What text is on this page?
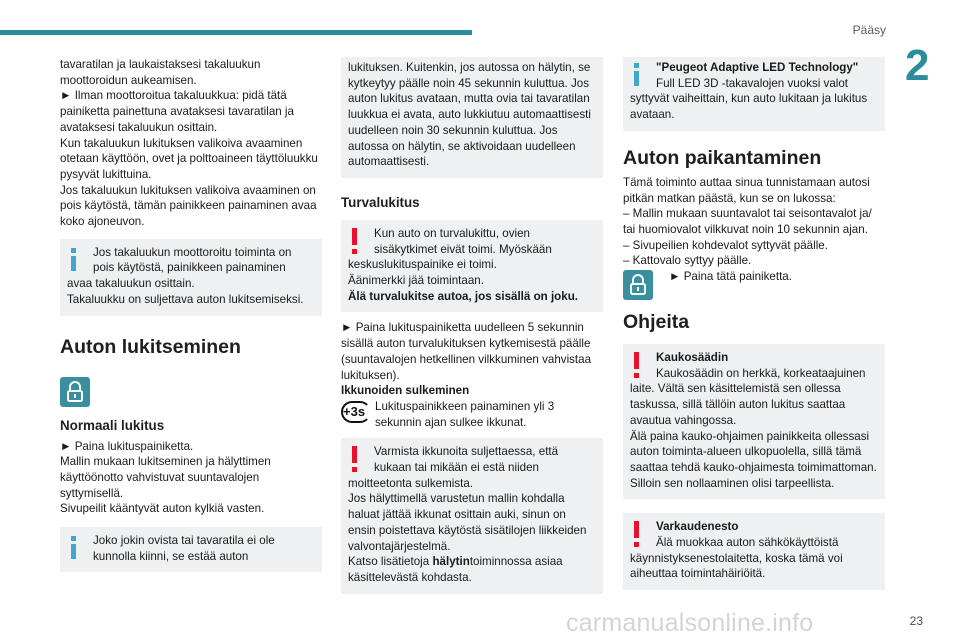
Pääsy
2
23
carmanualsonline.info

tavaratilan ja laukaistaksesi takaluukun moottoroidun aukeamisen.

► Ilman moottoroitua takaluukkua: pidä tätä painiketta painettuna avataksesi tavaratilan ja avataksesi takaluukun osittain.

Kun takaluukun lukituksen valikoiva avaaminen otetaan käyttöön, ovet ja polttoaineen täyttöluukku pysyvät lukittuina.

Jos takaluukun lukituksen valikoiva avaaminen on pois käytöstä, tämän painikkeen painaminen avaa koko ajoneuvon.

Jos takaluukun moottoroitu toiminta on pois käytöstä, painikkeen painaminen avaa takaluukun osittain.

Takaluukku on suljettava auton lukitsemiseksi.

Auton lukitseminen
Normaali lukitus

► Paina lukituspainiketta.

Mallin mukaan lukitseminen ja hälyttimen käyttöönotto vahvistuvat suuntavalojen syttymisellä.

Sivupeilit kääntyvät auton kylkiä vasten.

Joko jokin ovista tai tavaratila ei ole kunnolla kiinni, se estää auton

lukituksen. Kuitenkin, jos autossa on hälytin, se kytkeytyy päälle noin 45 sekunnin kuluttua. Jos auton lukitus avataan, mutta ovia tai tavaratilan luukkua ei avata, auto lukkiutuu automaattisesti uudelleen noin 30 sekunnin kuluttua. Jos autossa on hälytin, se aktivoidaan uudelleen automaattisesti.

Turvalukitus

Kun auto on turvalukittu, ovien sisäkytkimet eivät toimi. Myöskään keskuslukituspainike ei toimi.

Äänimerkki jää toimintaan.

Älä turvalukitse autoa, jos sisällä on joku.

► Paina lukituspainiketta uudelleen 5 sekunnin sisällä auton turvalukituksen kytkemisestä päälle (suuntavalojen hetkellinen vilkkuminen vahvistaa lukituksen).

Ikkunoiden sulkeminen

+3s Lukituspainikkeen painaminen yli 3 sekunnin ajan sulkee ikkunat.

Varmista ikkunoita suljettaessa, että kukaan tai mikään ei estä niiden moitteetonta sulkemista.

Jos hälyttimellä varustetun mallin kohdalla haluat jättää ikkunat osittain auki, sinun on ensin poistettava käytöstä sisätilojen liikkeiden valvontajärjestelmä.

Katso lisätietoja hälytintoiminnossa asiaa käsittelevästä kohdasta.

"Peugeot Adaptive LED Technology"

Full LED 3D -takavalojen vuoksi valot syttyvät vaiheittain, kun auto lukitaan ja lukitus avataan.

Auton paikantaminen

Tämä toiminto auttaa sinua tunnistamaan autosi pitkän matkan päästä, kun se on lukossa:

– Mallin mukaan suuntavalot tai seisontavalot ja/ tai huomiovalot vilkkuvat noin 10 sekunnin ajan.

– Sivupeilien kohdevalot syttyvät päälle.

– Kattovalo syttyy päälle.

► Paina tätä painiketta.

Ohjeita

Kaukosäädin

Kaukosäädin on herkkä, korkeataajuinen laite. Vältä sen käsittelemistä sen ollessa taskussa, sillä tällöin auton lukitus saattaa avautua vahingossa.

Älä paina kauko-ohjaimen painikkeita ollessasi auton toiminta-alueen ulkopuolella, sillä tämä saattaa tehdä kauko-ohjaimesta toimimattoman. Silloin sen nollaaminen olisi tarpeellista.

Varkaudenesto

Älä muokkaa auton sähkökäyttöistä käynnistyksenestolaitetta, koska tämä voi aiheuttaa toimintahäiriöitä.
